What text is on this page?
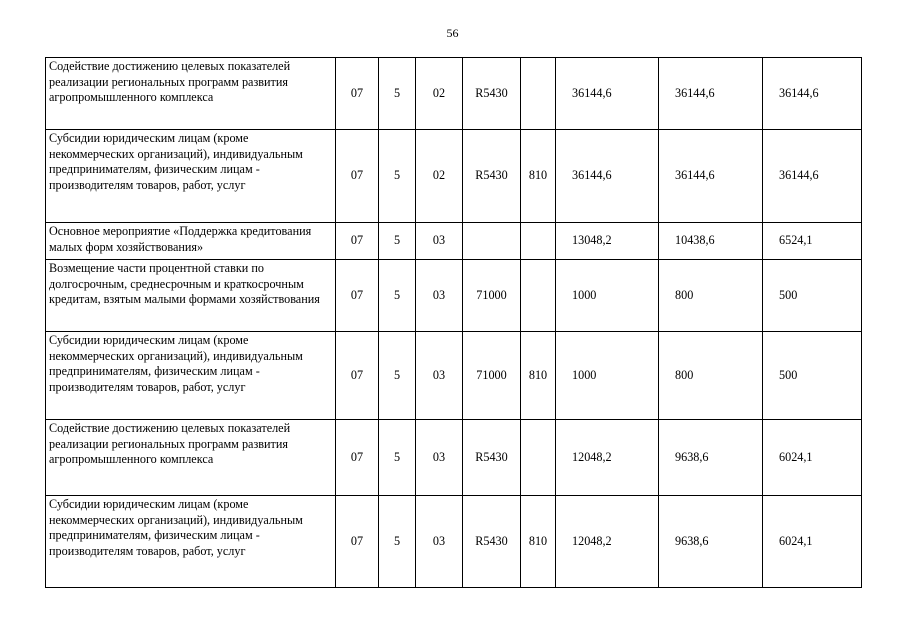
56
Содействие достижению целевых показателей реализации региональных программ развития агропромышленного комплекса	07	5	02	R5430		36144,6	36144,6	36144,6
Субсидии юридическим лицам (кроме некоммерческих организаций), индивидуальным предпринимателям, физическим лицам - производителям товаров, работ, услуг	07	5	02	R5430	810	36144,6	36144,6	36144,6
Основное мероприятие «Поддержка кредитования малых форм хозяйствования»	07	5	03			13048,2	10438,6	6524,1
Возмещение части процентной ставки по долгосрочным, среднесрочным и краткосрочным кредитам, взятым малыми формами хозяйствования	07	5	03	71000		1000	800	500
Субсидии юридическим лицам (кроме некоммерческих организаций), индивидуальным предпринимателям, физическим лицам - производителям товаров, работ, услуг	07	5	03	71000	810	1000	800	500
Содействие достижению целевых показателей реализации региональных программ развития агропромышленного комплекса	07	5	03	R5430		12048,2	9638,6	6024,1
Субсидии юридическим лицам (кроме некоммерческих организаций), индивидуальным предпринимателям, физическим лицам - производителям товаров, работ, услуг	07	5	03	R5430	810	12048,2	9638,6	6024,1
